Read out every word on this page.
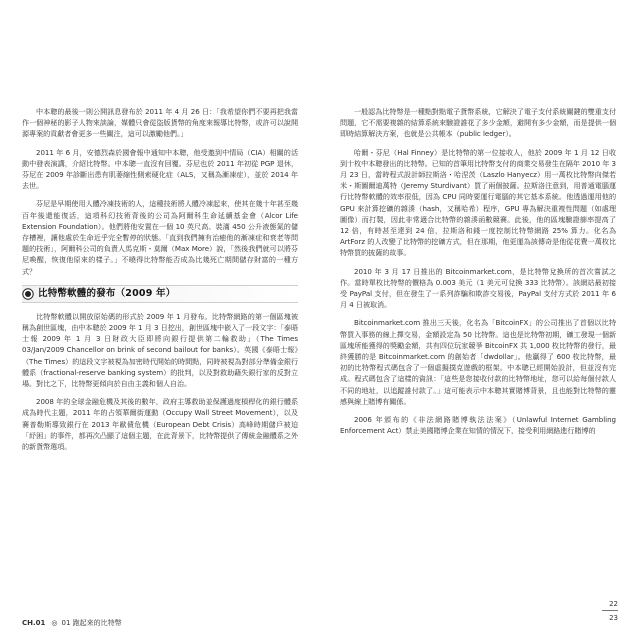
中本聰的最後一則公開訊息發布於 2011 年 4 月 26 日：「我希望你們不要再把我當作一個神秘的影子人物來談論，媒體只會從盜版貨幣的角度來報導比特幣，或許可以說開源專案的貢獻者會更多一些關注，這可以激勵他們。」

2011 年 6 月，安德烈森於國會報中通知中本聰，他受邀到中情局（CIA）相關的活動中發表演講，介紹比特幣。中本聰一直沒有回覆。芬尼也於 2011 年初從 PGP 退休，芬尼在 2009 年診斷出患有肌萎縮性側索硬化症（ALS，又稱為漸凍症），並於 2014 年去世。

芬尼是早期使用人體冷凍技術的人，這種技術將人體冷凍起來，使其在幾十年甚至幾百年後還能復活，這項科幻技術背後的公司為阿爾科生命延續基金會（Alcor Life Extension Foundation）。他們將他安置在一個 10 英尺高、裝滿 450 公升液態氮的儲存槽裡，讓他處於生命近乎完全暫停的狀態。「直到我們擁有治癒他的漸凍症和衰老等問題的技術」，阿爾科公司的負責人馬克斯・莫爾（Max More）說，「然後我們就可以將芬尼喚醒，恢復他原來的樣子。」不曉得比特幣能否成為比幾死亡期間儲存財富的一種方式？

比特幣軟體的發布（2009 年）

比特幣軟體以開放原始碼的形式於 2009 年 1 月發布。比特幣網路的第一個區塊被稱為創世區塊，由中本聰於 2009 年 1 月 3 日挖出，創世區塊中嵌入了一段文字：「泰晤士報 2009 年 1 月 3 日財政大臣即將向銀行提供第二輪救助」（The Times 03/Jan/2009 Chancellor on brink of second bailout for banks）。英國《泰晤士報》（The Times）的這段文字被視為加密時代開始的時間點，同時被視為對部分準備金銀行體系（fractional-reserve banking system）的批判，以及對救助藉失銀行家的反對立場。對比之下，比特幣更傾向於自由主義和個人自治。

2008 年的全球金融危機及其後的數年，政府主導救助並保護過度槓桿化的銀行體系成為時代主題，2011 年的占領華爾街運動（Occupy Wall Street Movement），以及賽普勒斯導致銀行在 2013 年歐債危機（European Debt Crisis）高峰時期儲戶被迫「紓困」的事件，都再次凸顯了這個主題，在此背景下，比特幣提供了傳統金融體系之外的新貨幣選項。

一般認為比特幣是一種點對點電子貨幣系統，它解決了電子支付系統關鍵的雙重支付問題，它不需要複雜的結算系統來驗證誰花了多少金額，避開有多少金額，而是提供一個即時結算解決方案，也就是公共帳本（public ledger）。

哈爾・芬尼（Hal Finney）是比特幣的第一位接收人，他於 2009 年 1 月 12 日收到十枚中本聰發出的比特幣。已知的首筆用比特幣支付的商業交易發生在隔年 2010 年 3 月 23 日，當時程式設計師拉斯洛・哈涅茨（Laszlo Hanyecz）用一萬枚比特幣向傑若米・斯圖爾迪萬特（Jeremy Sturdivant）買了兩個披薩。拉斯洛注意到，用普通電腦運行比特幣軟體的效率很低，因為 CPU 同時要運行電腦的其它基本系統。他透過運用他的 GPU 來計算挖礦的雜湊（hash，又稱哈希）程序，GPU 專為解決重複性問題（如處理圖像）而打製，因此非常適合比特幣的雜湊函數競賽。此後，他的區塊驗證篩率提高了 12 倍，有時甚至達到 24 倍，拉斯洛和錢一度控制比特幣網路 25% 算力。化名為 ArtForz 的人改變了比特幣的挖礦方式，但在那期，他更運為該傳奇是他從花費一萬枚比特幣買的披薩的故事。

2010 年 3 月 17 日推出的 Bitcoinmarket.com，是比特幣兌換所的首次嘗試之作。當時單枚比特幣的價格為 0.003 美元（1 美元可兌換 333 比特幣）。該網站最初接受 PayPal 支付，但在發生了一系列詐騙和欺詐交易後，PayPal 支付方式於 2011 年 6 月 4 日被取消。

Bitcoinmarket.com 推出三天後，化名為「BitcoinFX」的公司推出了首個以比特幣買入事務的線上擇交易，金額設定為 50 比特幣。這也是比特幣初期，礦工發現一個新區塊所能獲得的獎勵金額，共有四位玩家競爭 BitcoinFX 共 1,000 枚比特幣的發行，最終獲勝的是 Bitcoinmarket.com 的創始者「dwdollar」。他贏得了 600 枚比特幣，最初的比特幣程式碼包含了一個虛擬撲克遊戲的框架。中本聰已經開始設計，但並沒有完成。程式碼包含了這樣的資訊：「這些是您接收付款的比特幣地址，您可以給每個付款人不同的地址，以追蹤誰付款了。」這可能表示中本聰其實賭博背景，且也能對比特幣的靈感與線上賭博有關係。

2006 年頒布的《非法網路賭博執法法案》（Unlawful Internet Gambling Enforcement Act）禁止美國賭博企業在知情的情況下，接受利用網路進行賭博的

CH.01 ◎ 01 跑起來的比特幣
22
23
